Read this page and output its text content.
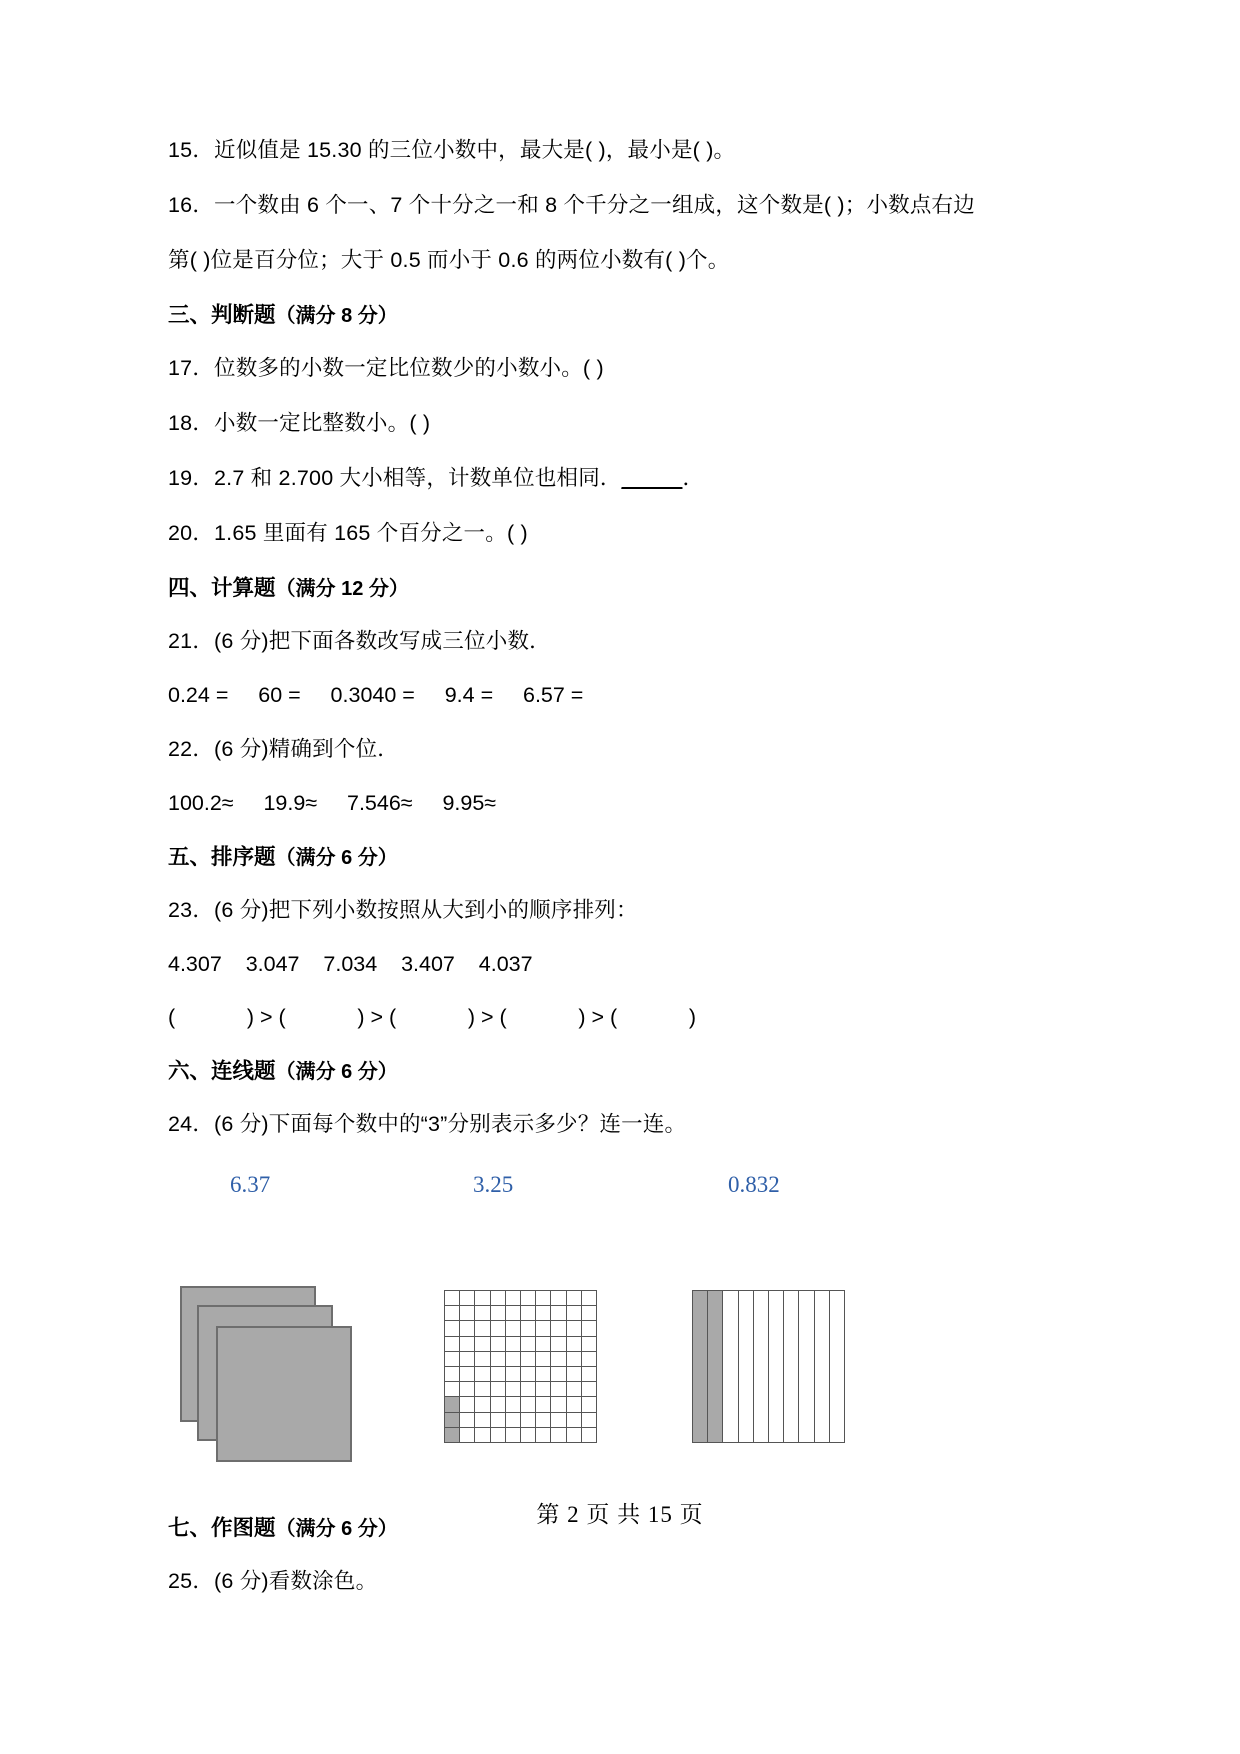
15．近似值是 15.30 的三位小数中，最大是( )，最小是( )。

16．一个数由 6 个一、7 个十分之一和 8 个千分之一组成，这个数是( )；小数点右边

第( )位是百分位；大于 0.5 而小于 0.6 的两位小数有( )个。

三、判断题（满分 8 分）

17．位数多的小数一定比位数少的小数小。( )

18．小数一定比整数小。( )

19．2.7 和 2.700 大小相等，计数单位也相同．_____．

20．1.65 里面有 165 个百分之一。( )

四、计算题（满分 12 分）

21．(6 分)把下面各数改写成三位小数．

0.24 =     60 =     0.3040 =     9.4 =     6.57 =

22．(6 分)精确到个位．

100.2≈     19.9≈     7.546≈     9.95≈

五、排序题（满分 6 分）

23．(6 分)把下列小数按照从大到小的顺序排列：

4.307    3.047    7.034    3.407    4.037

(            ) > (            ) > (            ) > (            ) > (            )

六、连线题（满分 6 分）

24．(6 分)下面每个数中的“3”分别表示多少？连一连。

6.37	3.25	0.832

七、作图题（满分 6 分）

25．(6 分)看数涂色。

第 2 页 共 15 页
